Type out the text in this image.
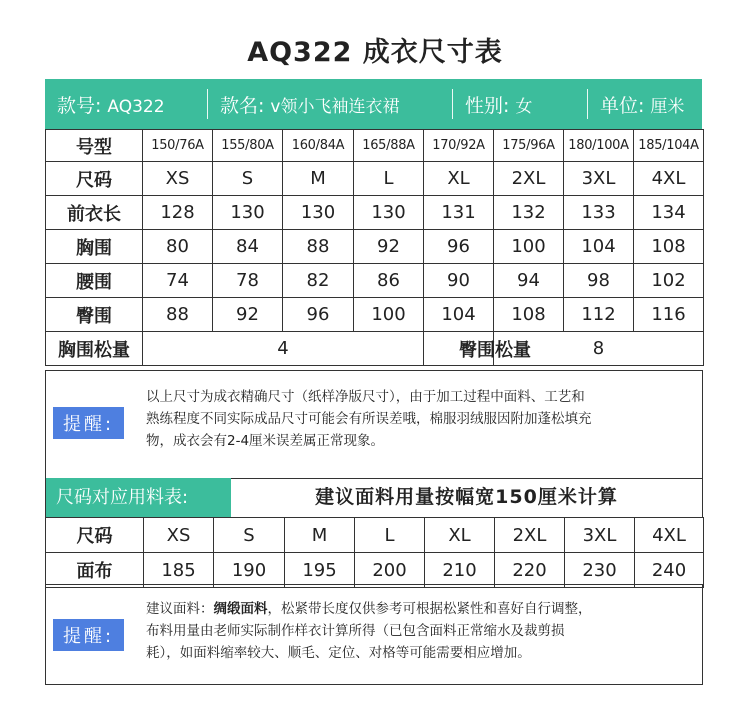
AQ322 成衣尺寸表
款号: AQ322	款名: v领小飞袖连衣裙	性别: 女	单位: 厘米
号型	150/76A	155/80A	160/84A	165/88A	170/92A	175/96A	180/100A	185/104A
尺码	XS	S	M	L	XL	2XL	3XL	4XL
前衣长	128	130	130	130	131	132	133	134
胸围	80	84	88	92	96	100	104	108
腰围	74	78	82	86	90	94	98	102
臀围	88	92	96	100	104	108	112	116
胸围松量	4				臀围松量	8		
提醒:
以上尺寸为成衣精确尺寸（纸样净版尺寸），由于加工过程中面料、工艺和
熟练程度不同实际成品尺寸可能会有所误差哦，棉服羽绒服因附加蓬松填充
物，成衣会有2-4厘米误差属正常现象。
尺码对应用料表:	建议面料用量按幅宽150厘米计算
尺码	XS	S	M	L	XL	2XL	3XL	4XL
面布	185	190	195	200	210	220	230	240
提醒:
建议面料：绸缎面料，松紧带长度仅供参考可根据松紧性和喜好自行调整，
布料用量由老师实际制作样衣计算所得（已包含面料正常缩水及裁剪损
耗），如面料缩率较大、顺毛、定位、对格等可能需要相应增加。
